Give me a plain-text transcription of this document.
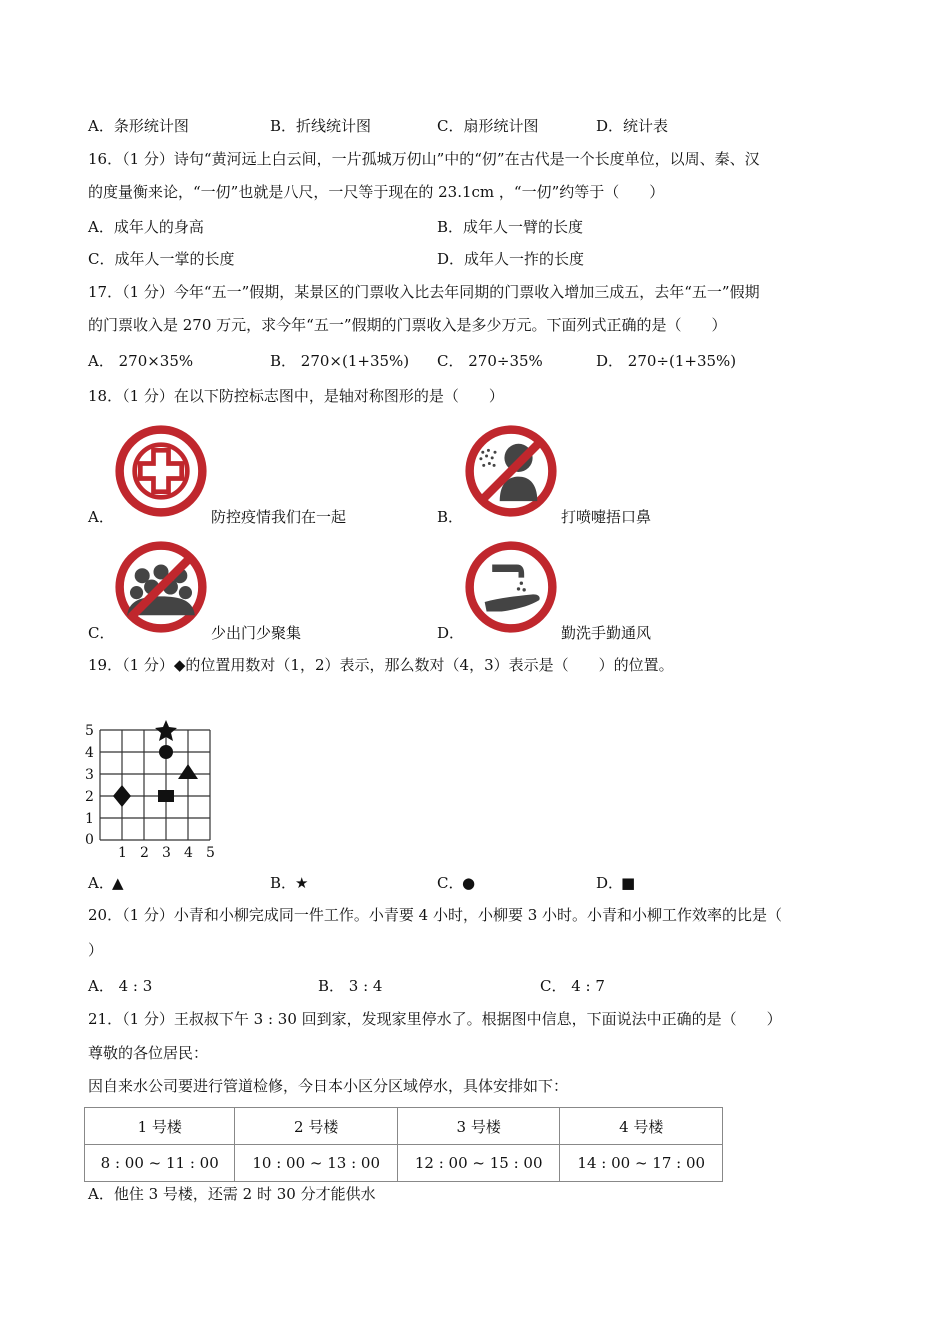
A．条形统计图	B．折线统计图	C．扇形统计图	D．统计表
16．（1 分）诗句“黄河远上白云间，一片孤城万仞山”中的“仞”在古代是一个长度单位，以周、秦、汉
的度量衡来论，“一仞”也就是八尺，一尺等于现在的 23.1cm ，“一仞”约等于（　　）
A．成年人的身高	B．成年人一臂的长度
C．成年人一掌的长度	D．成年人一拃的长度
17．（1 分）今年“五一”假期，某景区的门票收入比去年同期的门票收入增加三成五，去年“五一”假期
的门票收入是 270 万元，求今年“五一”假期的门票收入是多少万元。下面列式正确的是（　　）
A． 270×35%	B． 270×(1+35%) C． 270÷35%	D． 270÷(1+35%)
18．（1 分）在以下防控标志图中，是轴对称图形的是（　　）
A．	防控疫情我们在一起	B．	打喷嚏捂口鼻
C．	少出门少聚集	D．	勤洗手勤通风
19．（1 分）◆的位置用数对（1，2）表示，那么数对（4，3）表示是（　　）的位置。
5
4
3
2
1
0
1 2 3 4 5
A．
▲	B．
★	C．
●	D．
■
20．（1 分）小青和小柳完成同一件工作。小青要 4 小时，小柳要 3 小时。小青和小柳工作效率的比是（
）
A． 4 : 3	B． 3 : 4	C． 4 : 7
21．（1 分）王叔叔下午 3 : 30 回到家，发现家里停水了。根据图中信息，下面说法中正确的是（　　）
尊敬的各位居民：
因自来水公司要进行管道检修，今日本小区分区域停水，具体安排如下：
1 号楼	2 号楼	3 号楼	4 号楼
8 : 00 ~ 11 : 00	10 : 00 ~ 13 : 00	12 : 00 ~ 15 : 00	14 : 00 ~ 17 : 00
A．他住 3 号楼，还需 2 时 30 分才能供水
